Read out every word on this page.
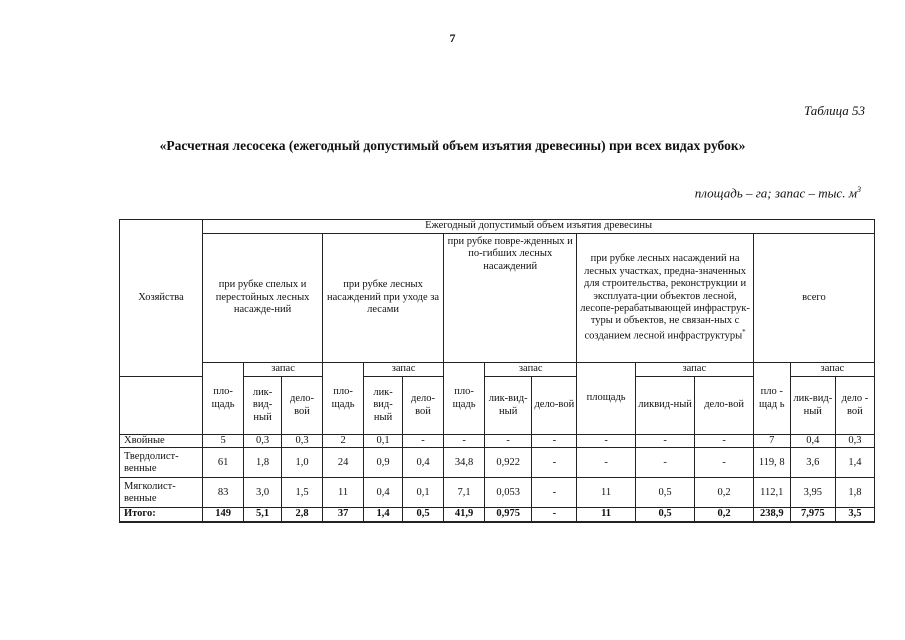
7
Таблица 53
«Расчетная лесосека (ежегодный допустимый объем изъятия древесины) при всех видах рубок»
площадь – га; запас – тыс. $м^3$
Хозяйства	Ежегодный допустимый объем изъятия древесины														
	при рубке спелых и перестойных лесных насажде-ний			при рубке лесных насаждений при уходе за лесами			при рубке повре-жденных и по-гибших лесных насаждений			при рубке лесных насаждений на лесных участках, предна-значенных для строительства, реконструкции и эксплуата-ции объектов лесной, лесопе-рерабатывающей инфраструк-туры и объектов, не связан-ных с созданием лесной инфраструктуры*			всего		
	пло-щадь	запас		пло-щадь	запас		пло-щадь	запас		площадь	запас		пло - щад ь	запас	
		лик-вид-ный	дело-вой		лик-вид-ный	дело-вой		лик-вид-ный	дело-вой		ликвид-ный	дело-вой		лик-вид-ный	дело - вой
Хвойные	5	0,3	0,3	2	0,1	-	-	-	-	-	-	-	7	0,4	0,3
Твердолист-венные	61	1,8	1,0	24	0,9	0,4	34,8	0,922	-	-	-	-	119, 8	3,6	1,4
Мягколист-венные	83	3,0	1,5	11	0,4	0,1	7,1	0,053	-	11	0,5	0,2	112,1	3,95	1,8
Итого:	149	5,1	2,8	37	1,4	0,5	41,9	0,975	-	11	0,5	0,2	238,9	7,975	3,5
